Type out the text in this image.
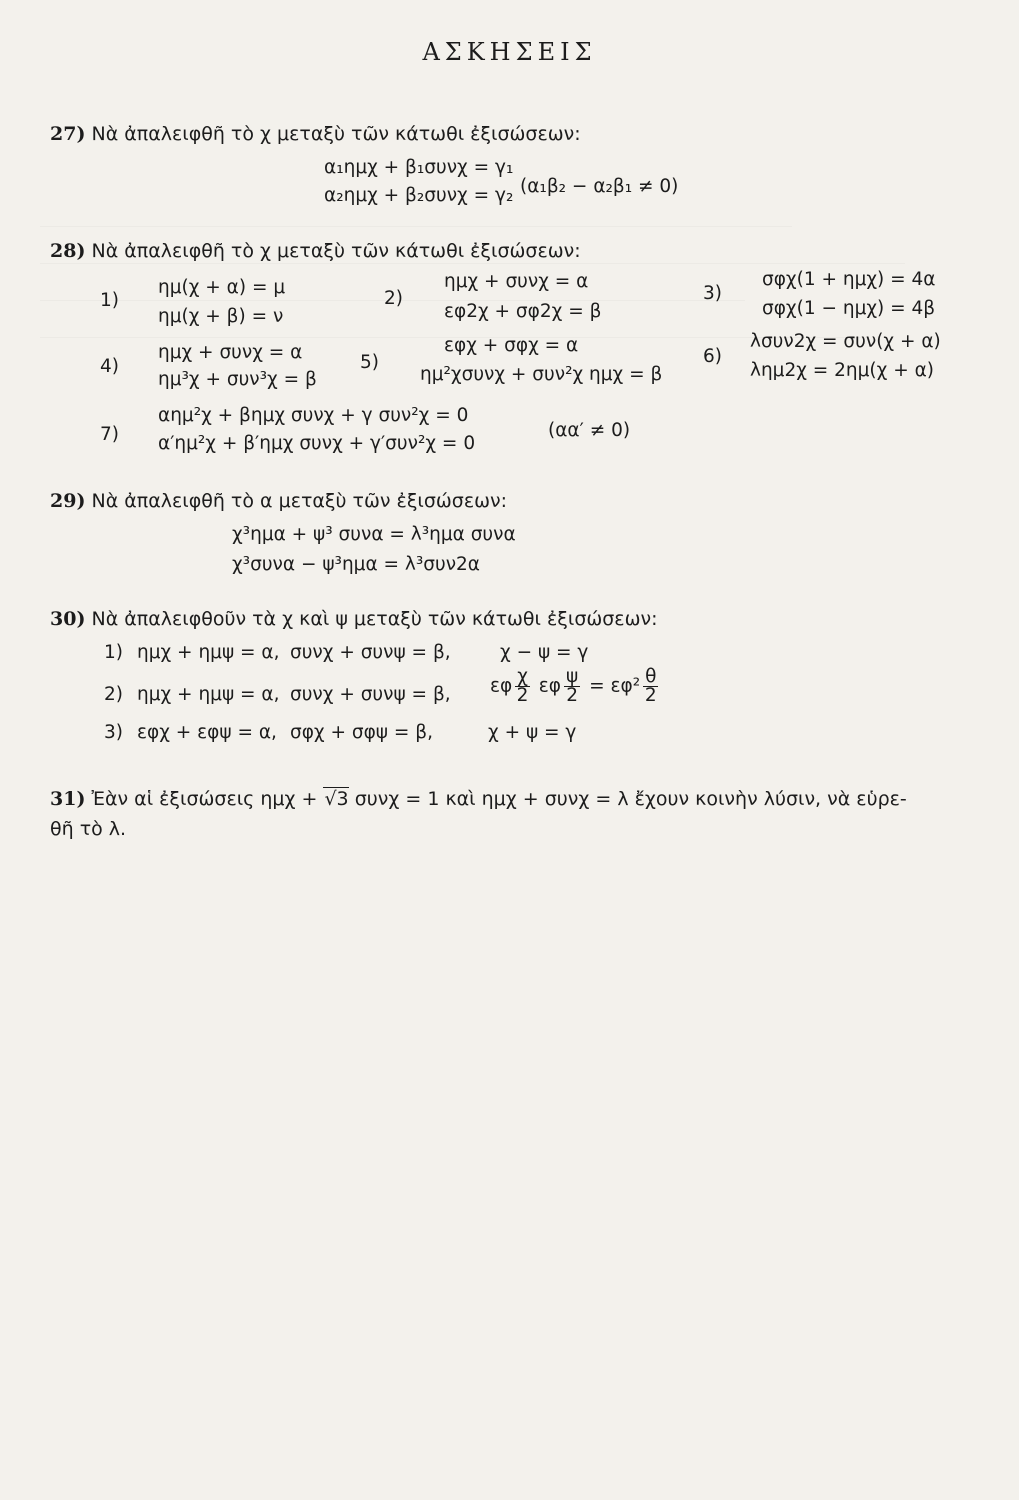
ΑΣΚΗΣΕΙΣ
27) Νὰ ἀπαλειφθῆ τὸ χ μεταξὺ τῶν κάτωθι ἐξισώσεων:
α₁ημχ + β₁συνχ = γ₁
α₂ημχ + β₂συνχ = γ₂ (α₁β₂ − α₂β₁ ≠ 0)
28) Νὰ ἀπαλειφθῆ τὸ χ μεταξὺ τῶν κάτωθι ἐξισώσεων:
1)
ημ(χ + α) = μ
ημ(χ + β) = ν
2)
ημχ + συνχ = α
εφ2χ + σφ2χ = β
3)
σφχ(1 + ημχ) = 4α
σφχ(1 − ημχ) = 4β
4)
ημχ + συνχ = α
ημ³χ + συν³χ = β
5)
εφχ + σφχ = α
ημ²χσυνχ + συν²χ ημχ = β
6)
λσυν2χ = συν(χ + α)
λημ2χ = 2ημ(χ + α)
7)
αημ²χ + βημχ συνχ + γ συν²χ = 0
α′ημ²χ + β′ημχ συνχ + γ′συν²χ = 0
(αα′ ≠ 0)
29) Νὰ ἀπαλειφθῆ τὸ α μεταξὺ τῶν ἐξισώσεων:
χ³ημα + ψ³ συνα = λ³ημα συνα
χ³συνα − ψ³ημα = λ³συν2α
30) Νὰ ἀπαλειφθοῦν τὰ χ καὶ ψ μεταξὺ τῶν κάτωθι ἐξισώσεων:
1) ημχ + ημψ = α, συνχ + συνψ = β,	χ − ψ = γ
2) ημχ + ημψ = α, συνχ + συνψ = β, εφ $\frac{\chi}{2}$ εφ $\frac{\psi}{2} = \varepsilon\varphi^2 \frac{\theta}{2}$
3) εφχ + εφψ = α, σφχ + σφψ = β,	χ + ψ = γ
31) Ἐὰν αἱ ἐξισώσεις ημχ + √3 συνχ = 1 καὶ ημχ + συνχ = λ ἔχουν κοινὴν λύσιν, νὰ εὑρε-
θῆ τὸ λ.
